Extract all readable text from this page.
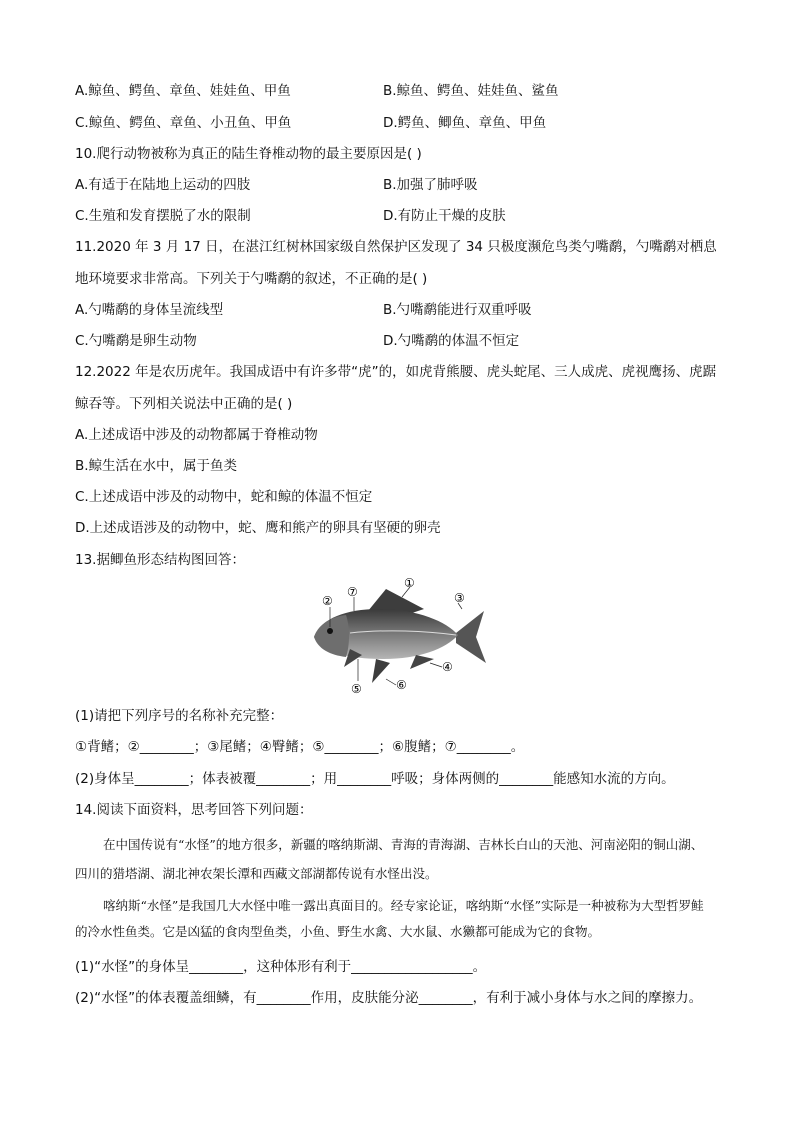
A.鲸鱼、鳄鱼、章鱼、娃娃鱼、甲鱼	B.鲸鱼、鳄鱼、娃娃鱼、鲨鱼
C.鲸鱼、鳄鱼、章鱼、小丑鱼、甲鱼	D.鳄鱼、鲫鱼、章鱼、甲鱼
10.爬行动物被称为真正的陆生脊椎动物的最主要原因是( )
A.有适于在陆地上运动的四肢	B.加强了肺呼吸
C.生殖和发育摆脱了水的限制	D.有防止干燥的皮肤
11.2020 年 3 月 17 日，在湛江红树林国家级自然保护区发现了 34 只极度濒危鸟类勺嘴鹬，勺嘴鹬对栖息
地环境要求非常高。下列关于勺嘴鹬的叙述，不正确的是( )
A.勺嘴鹬的身体呈流线型	B.勺嘴鹬能进行双重呼吸
C.勺嘴鹬是卵生动物	D.勺嘴鹬的体温不恒定
12.2022 年是农历虎年。我国成语中有许多带“虎”的，如虎背熊腰、虎头蛇尾、三人成虎、虎视鹰扬、虎踞
鲸吞等。下列相关说法中正确的是( )
A.上述成语中涉及的动物都属于脊椎动物
B.鲸生活在水中，属于鱼类
C.上述成语中涉及的动物中，蛇和鲸的体温不恒定
D.上述成语涉及的动物中，蛇、鹰和熊产的卵具有坚硬的卵壳
13.据鲫鱼形态结构图回答：
①
②	③
④
⑤	⑥
⑦
(1)请把下列序号的名称补充完整：
①背鳍；②________；③尾鳍；④臀鳍；⑤________；⑥腹鳍；⑦________。
(2)身体呈________；体表被覆________；用________呼吸；身体两侧的________能感知水流的方向。
14.阅读下面资料，思考回答下列问题：
在中国传说有“水怪”的地方很多，新疆的喀纳斯湖、青海的青海湖、吉林长白山的天池、河南泌阳的铜山湖、四川的猎塔湖、湖北神农架长潭和西藏文部湖都传说有水怪出没。
喀纳斯“水怪”是我国几大水怪中唯一露出真面目的。经专家论证，喀纳斯“水怪”实际是一种被称为大型哲罗鲑的冷水性鱼类。它是凶猛的食肉型鱼类，小鱼、野生水禽、大水鼠、水獭都可能成为它的食物。
(1)“水怪”的身体呈________，这种体形有利于__________________。
(2)“水怪”的体表覆盖细鳞，有________作用，皮肤能分泌________，有利于减小身体与水之间的摩擦力。
